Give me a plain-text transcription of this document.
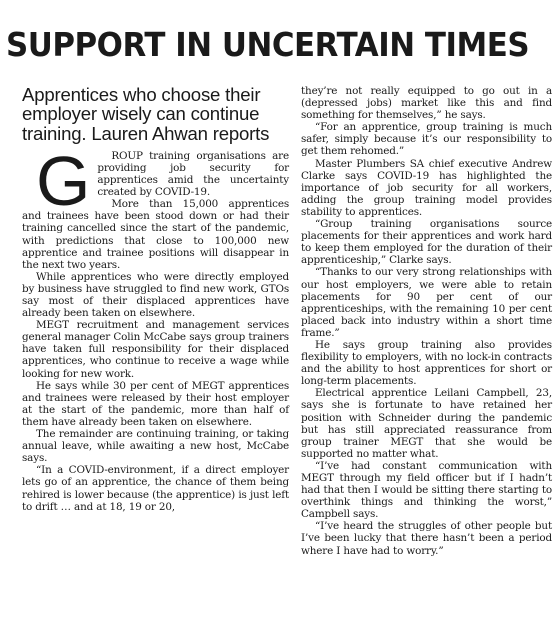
SUPPORT IN UNCERTAIN TIMES
Apprentices who choose their employer wisely can continue training. Lauren Ahwan reports

G ROUP training organisations are providing job security for apprentices amid the uncertainty created by COVID-19.

More than 15,000 apprentices and trainees have been stood down or had their training cancelled since the start of the pandemic, with predictions that close to 100,000 new apprentice and trainee positions will disappear in the next two years.

While apprentices who were directly employed by business have struggled to find new work, GTOs say most of their displaced apprentices have already been taken on elsewhere.

MEGT recruitment and management services general manager Colin McCabe says group trainers have taken full responsibility for their displaced apprentices, who continue to receive a wage while looking for new work.

He says while 30 per cent of MEGT apprentices and trainees were released by their host employer at the start of the pandemic, more than half of them have already been taken on elsewhere.

The remainder are continuing training, or taking annual leave, while awaiting a new host, McCabe says.

“In a COVID-environment, if a direct employer lets go of an apprentice, the chance of them being rehired is lower because (the apprentice) is just left to drift … and at 18, 19 or 20,

they’re not really equipped to go out in a (depressed jobs) market like this and find something for themselves,” he says.

“For an apprentice, group training is much safer, simply because it’s our responsibility to get them rehomed.”

Master Plumbers SA chief executive Andrew Clarke says COVID-19 has highlighted the importance of job security for all workers, adding the group training model provides stability to apprentices.

“Group training organisations source placements for their apprentices and work hard to keep them employed for the duration of their apprenticeship,” Clarke says.

“Thanks to our very strong relationships with our host employers, we were able to retain placements for 90 per cent of our apprenticeships, with the remaining 10 per cent placed back into industry within a short time frame.”

He says group training also provides flexibility to employers, with no lock-in contracts and the ability to host apprentices for short or long-term placements.

Electrical apprentice Leilani Campbell, 23, says she is fortunate to have retained her position with Schneider during the pandemic but has still appreciated reassurance from group trainer MEGT that she would be supported no matter what.

“I’ve had constant communication with MEGT through my field officer but if I hadn’t had that then I would be sitting there starting to overthink things and thinking the worst,” Campbell says.

“I’ve heard the struggles of other people but I’ve been lucky that there hasn’t been a period where I have had to worry.”
